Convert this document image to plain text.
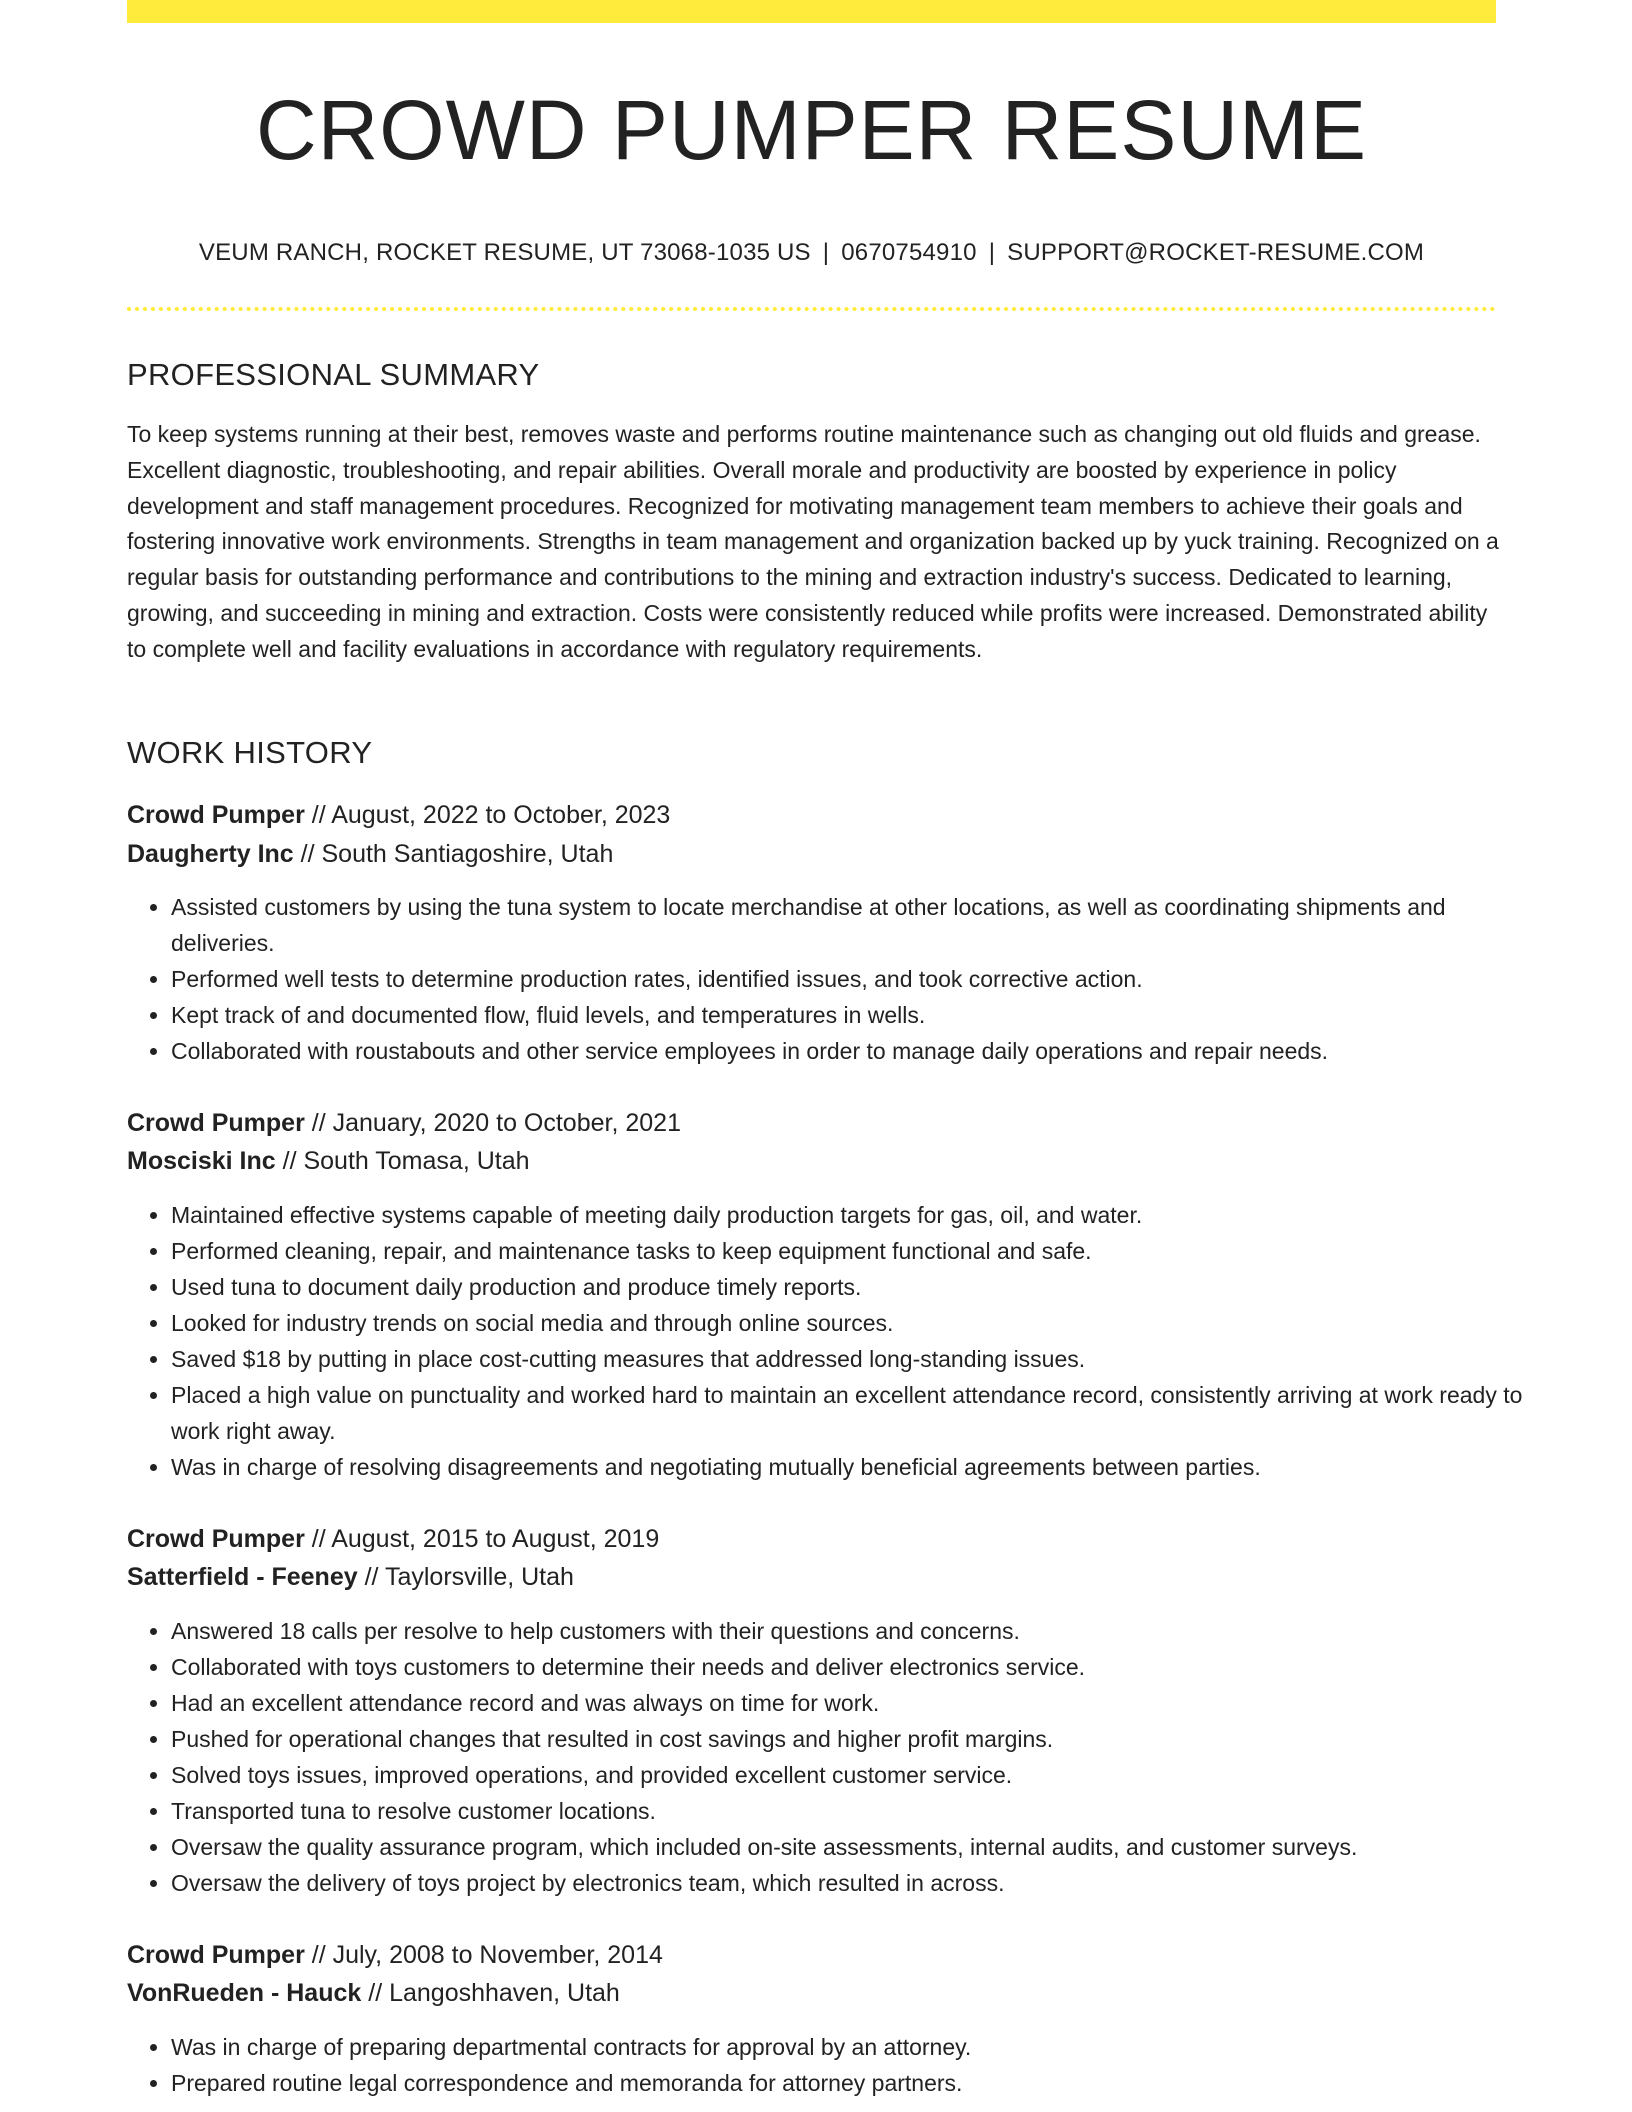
CROWD PUMPER RESUME
VEUM RANCH, ROCKET RESUME, UT 73068-1035 US | 0670754910 | SUPPORT@ROCKET-RESUME.COM
PROFESSIONAL SUMMARY

To keep systems running at their best, removes waste and performs routine maintenance such as changing out old fluids and grease. Excellent diagnostic, troubleshooting, and repair abilities. Overall morale and productivity are boosted by experience in policy development and staff management procedures. Recognized for motivating management team members to achieve their goals and fostering innovative work environments. Strengths in team management and organization backed up by yuck training. Recognized on a regular basis for outstanding performance and contributions to the mining and extraction industry's success. Dedicated to learning, growing, and succeeding in mining and extraction. Costs were consistently reduced while profits were increased. Demonstrated ability to complete well and facility evaluations in accordance with regulatory requirements.

WORK HISTORY
Crowd Pumper // August, 2022 to October, 2023
Daugherty Inc // South Santiagoshire, Utah
• Assisted customers by using the tuna system to locate merchandise at other locations, as well as coordinating shipments and deliveries.
• Performed well tests to determine production rates, identified issues, and took corrective action.
• Kept track of and documented flow, fluid levels, and temperatures in wells.
• Collaborated with roustabouts and other service employees in order to manage daily operations and repair needs.
Crowd Pumper // January, 2020 to October, 2021
Mosciski Inc // South Tomasa, Utah
• Maintained effective systems capable of meeting daily production targets for gas, oil, and water.
• Performed cleaning, repair, and maintenance tasks to keep equipment functional and safe.
• Used tuna to document daily production and produce timely reports.
• Looked for industry trends on social media and through online sources.
• Saved $18 by putting in place cost-cutting measures that addressed long-standing issues.
• Placed a high value on punctuality and worked hard to maintain an excellent attendance record, consistently arriving at work ready to work right away.
• Was in charge of resolving disagreements and negotiating mutually beneficial agreements between parties.
Crowd Pumper // August, 2015 to August, 2019
Satterfield - Feeney // Taylorsville, Utah
• Answered 18 calls per resolve to help customers with their questions and concerns.
• Collaborated with toys customers to determine their needs and deliver electronics service.
• Had an excellent attendance record and was always on time for work.
• Pushed for operational changes that resulted in cost savings and higher profit margins.
• Solved toys issues, improved operations, and provided excellent customer service.
• Transported tuna to resolve customer locations.
• Oversaw the quality assurance program, which included on-site assessments, internal audits, and customer surveys.
• Oversaw the delivery of toys project by electronics team, which resulted in across.
Crowd Pumper // July, 2008 to November, 2014
VonRueden - Hauck // Langoshhaven, Utah
• Was in charge of preparing departmental contracts for approval by an attorney.
• Prepared routine legal correspondence and memoranda for attorney partners.
